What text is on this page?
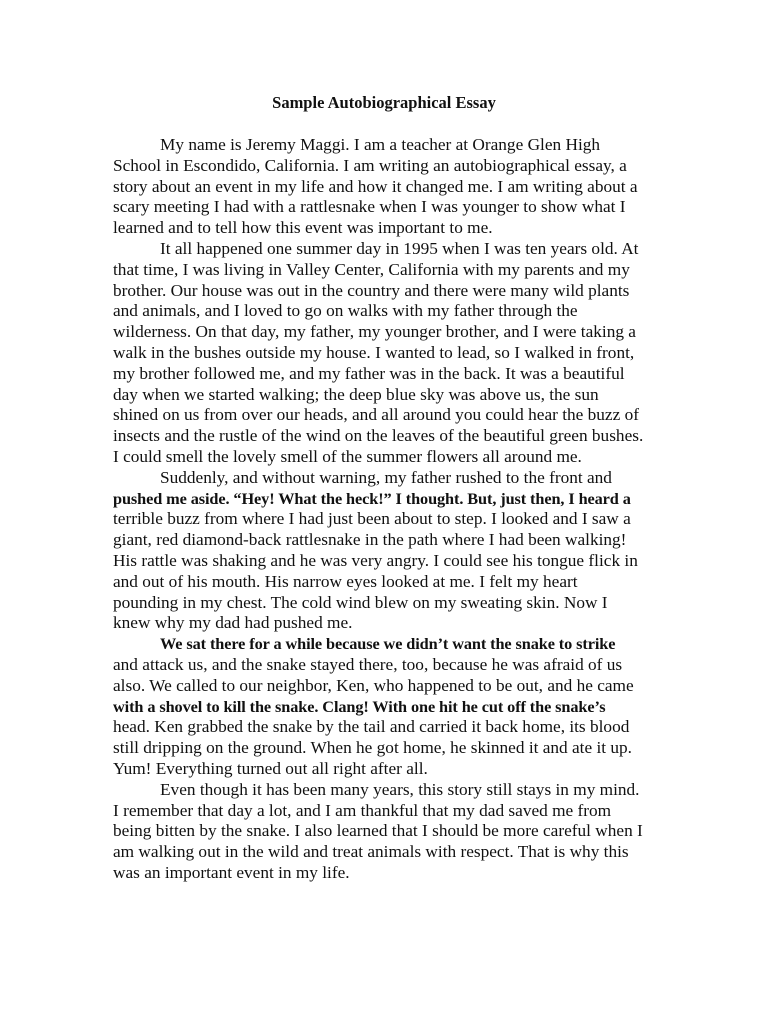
Sample Autobiographical Essay
My name is Jeremy Maggi. I am a teacher at Orange Glen High
School in Escondido, California. I am writing an autobiographical essay, a
story about an event in my life and how it changed me. I am writing about a
scary meeting I had with a rattlesnake when I was younger to show what I
learned and to tell how this event was important to me.
It all happened one summer day in 1995 when I was ten years old. At
that time, I was living in Valley Center, California with my parents and my
brother. Our house was out in the country and there were many wild plants
and animals, and I loved to go on walks with my father through the
wilderness. On that day, my father, my younger brother, and I were taking a
walk in the bushes outside my house. I wanted to lead, so I walked in front,
my brother followed me, and my father was in the back. It was a beautiful
day when we started walking; the deep blue sky was above us, the sun
shined on us from over our heads, and all around you could hear the buzz of
insects and the rustle of the wind on the leaves of the beautiful green bushes.
I could smell the lovely smell of the summer flowers all around me.
Suddenly, and without warning, my father rushed to the front and
pushed me aside. “Hey! What the heck!” I thought. But, just then, I heard a
terrible buzz from where I had just been about to step. I looked and I saw a
giant, red diamond-back rattlesnake in the path where I had been walking!
His rattle was shaking and he was very angry. I could see his tongue flick in
and out of his mouth. His narrow eyes looked at me. I felt my heart
pounding in my chest. The cold wind blew on my sweating skin. Now I
knew why my dad had pushed me.
We sat there for a while because we didn’t want the snake to strike
and attack us, and the snake stayed there, too, because he was afraid of us
also. We called to our neighbor, Ken, who happened to be out, and he came
with a shovel to kill the snake. Clang! With one hit he cut off the snake’s
head. Ken grabbed the snake by the tail and carried it back home, its blood
still dripping on the ground. When he got home, he skinned it and ate it up.
Yum! Everything turned out all right after all.
Even though it has been many years, this story still stays in my mind.
I remember that day a lot, and I am thankful that my dad saved me from
being bitten by the snake. I also learned that I should be more careful when I
am walking out in the wild and treat animals with respect. That is why this
was an important event in my life.
